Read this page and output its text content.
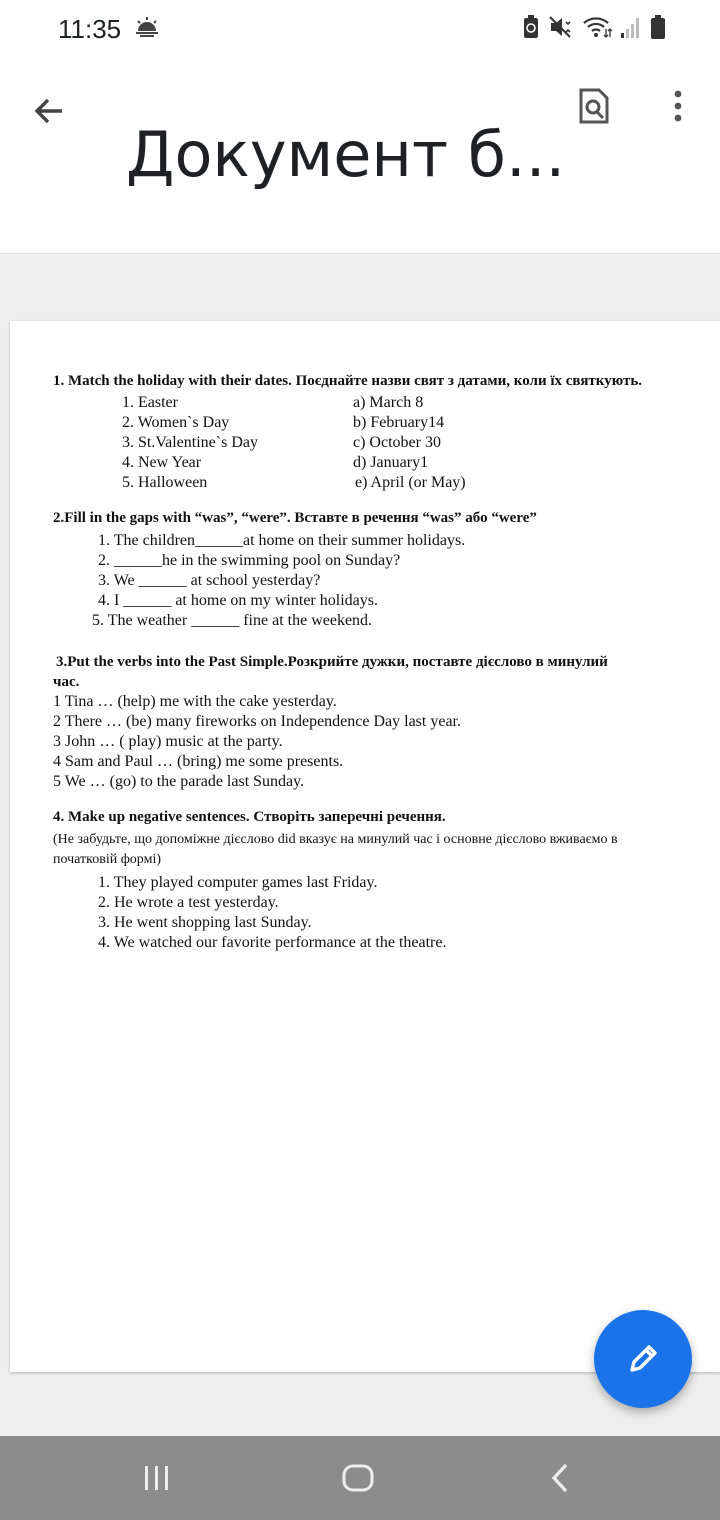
11:35
Документ б...
1. Match the holiday with their dates. Поєднайте назви свят з датами, коли їх святкують.
1. Easter
2. Women`s Day
3. St.Valentine`s Day
4. New Year
5. Halloween
a) March 8
b) February14
c) October 30
d) January1
e) April (or May)
2.Fill in the gaps with “was”, “were”. Вставте в речення “was” або “were”
1. The children______at home on their summer holidays.
2. ______he in the swimming pool on Sunday?
3. We ______ at school yesterday?
4. I ______ at home on my winter holidays.
5. The weather ______ fine at the weekend.
3.Put the verbs into the Past Simple.Розкрийте дужки, поставте дієслово в минулий
час.
1 Tina … (help) me with the cake yesterday.
2 There … (be) many fireworks on Independence Day last year.
3 John … ( play) music at the party.
4 Sam and Paul … (bring) me some presents.
5 We … (go) to the parade last Sunday.
4. Make up negative sentences. Створіть заперечні речення.
(Не забудьте, що допоміжне дієслово did вказує на минулий час і основне дієслово вживаємо в
початковій формі)
1. They played computer games last Friday.
2. He wrote a test yesterday.
3. He went shopping last Sunday.
4. We watched our favorite performance at the theatre.
